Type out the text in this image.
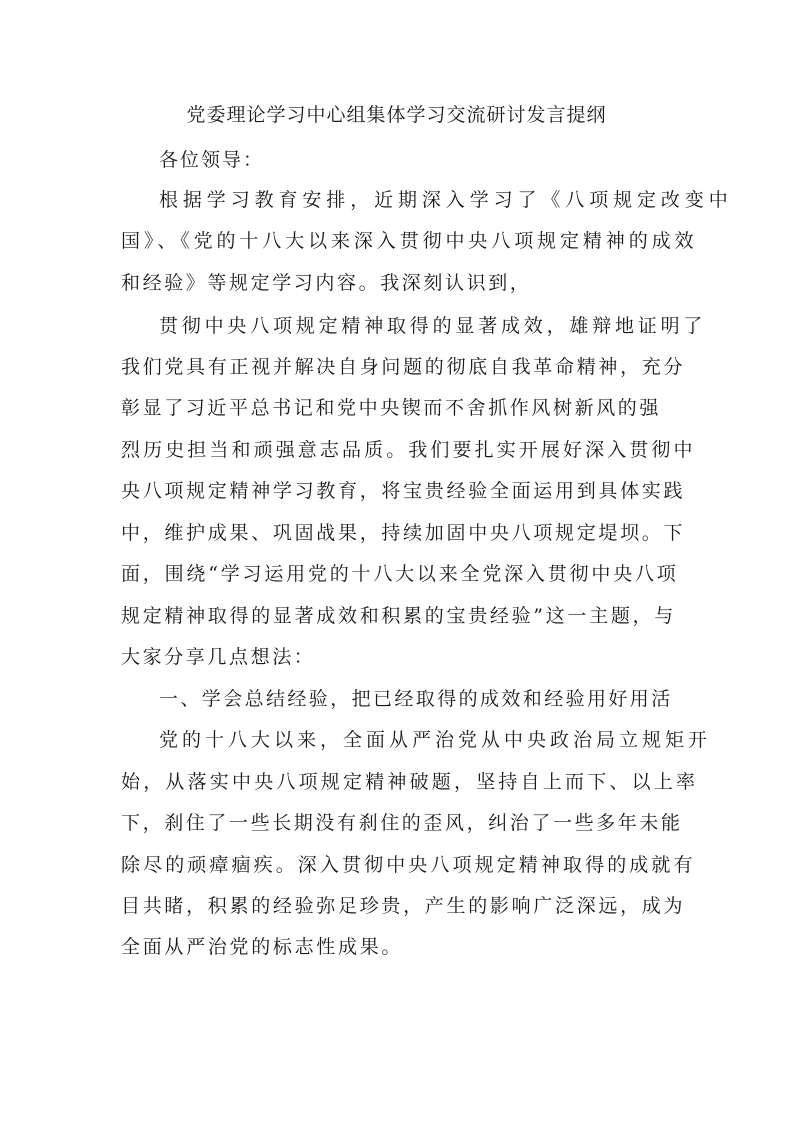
党委理论学习中心组集体学习交流研讨发言提纲
各位领导：
根据学习教育安排，近期深入学习了《八项规定改变中
国》、《党的十八大以来深入贯彻中央八项规定精神的成效
和经验》等规定学习内容。我深刻认识到，
贯彻中央八项规定精神取得的显著成效，雄辩地证明了
我们党具有正视并解决自身问题的彻底自我革命精神，充分
彰显了习近平总书记和党中央锲而不舍抓作风树新风的强
烈历史担当和顽强意志品质。我们要扎实开展好深入贯彻中
央八项规定精神学习教育，将宝贵经验全面运用到具体实践
中，维护成果、巩固战果，持续加固中央八项规定堤坝。下
面，围绕“学习运用党的十八大以来全党深入贯彻中央八项
规定精神取得的显著成效和积累的宝贵经验”这一主题，与
大家分享几点想法：
一、学会总结经验，把已经取得的成效和经验用好用活
党的十八大以来，全面从严治党从中央政治局立规矩开
始，从落实中央八项规定精神破题，坚持自上而下、以上率
下，刹住了一些长期没有刹住的歪风，纠治了一些多年未能
除尽的顽瘴痼疾。深入贯彻中央八项规定精神取得的成就有
目共睹，积累的经验弥足珍贵，产生的影响广泛深远，成为
全面从严治党的标志性成果。
